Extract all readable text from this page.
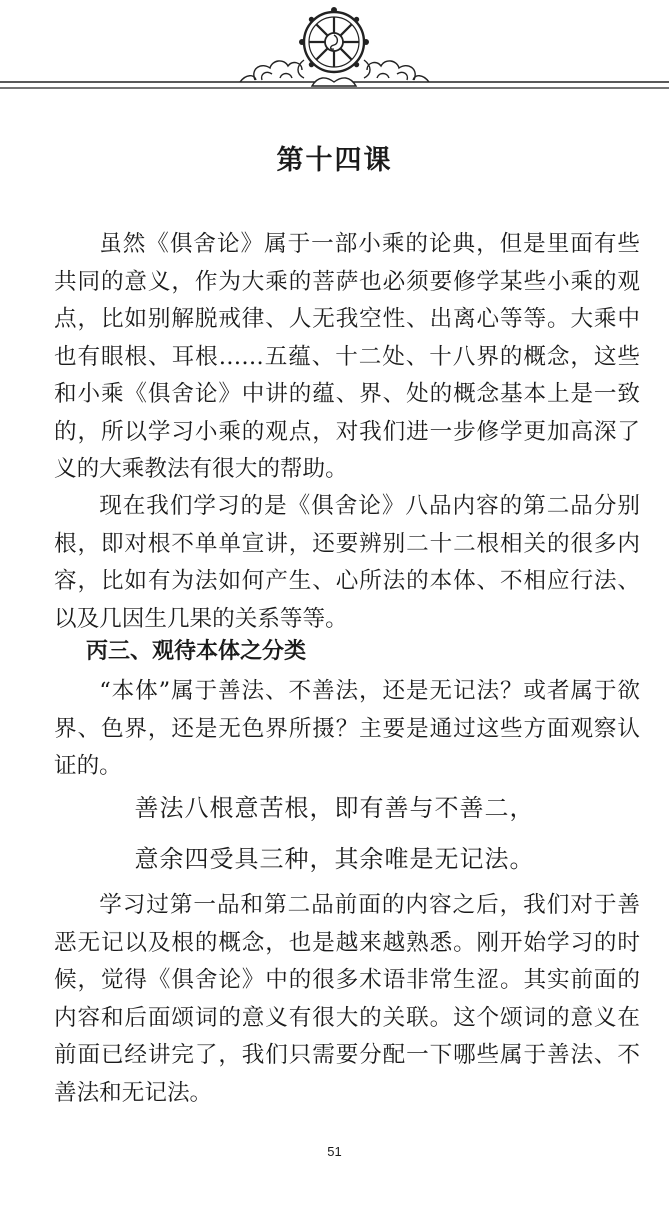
第十四课

虽然《俱舍论》属于一部小乘的论典，但是里面有些共同的意义，作为大乘的菩萨也必须要修学某些小乘的观点，比如别解脱戒律、人无我空性、出离心等等。大乘中也有眼根、耳根……五蕴、十二处、十八界的概念，这些和小乘《俱舍论》中讲的蕴、界、处的概念基本上是一致的，所以学习小乘的观点，对我们进一步修学更加高深了义的大乘教法有很大的帮助。

现在我们学习的是《俱舍论》八品内容的第二品分别根，即对根不单单宣讲，还要辨别二十二根相关的很多内容，比如有为法如何产生、心所法的本体、不相应行法、以及几因生几果的关系等等。

丙三、观待本体之分类

“本体”属于善法、不善法，还是无记法？或者属于欲界、色界，还是无色界所摄？主要是通过这些方面观察认证的。

善法八根意苦根，即有善与不善二，
意余四受具三种，其余唯是无记法。

学习过第一品和第二品前面的内容之后，我们对于善恶无记以及根的概念，也是越来越熟悉。刚开始学习的时候，觉得《俱舍论》中的很多术语非常生涩。其实前面的内容和后面颂词的意义有很大的关联。这个颂词的意义在前面已经讲完了，我们只需要分配一下哪些属于善法、不善法和无记法。

51
